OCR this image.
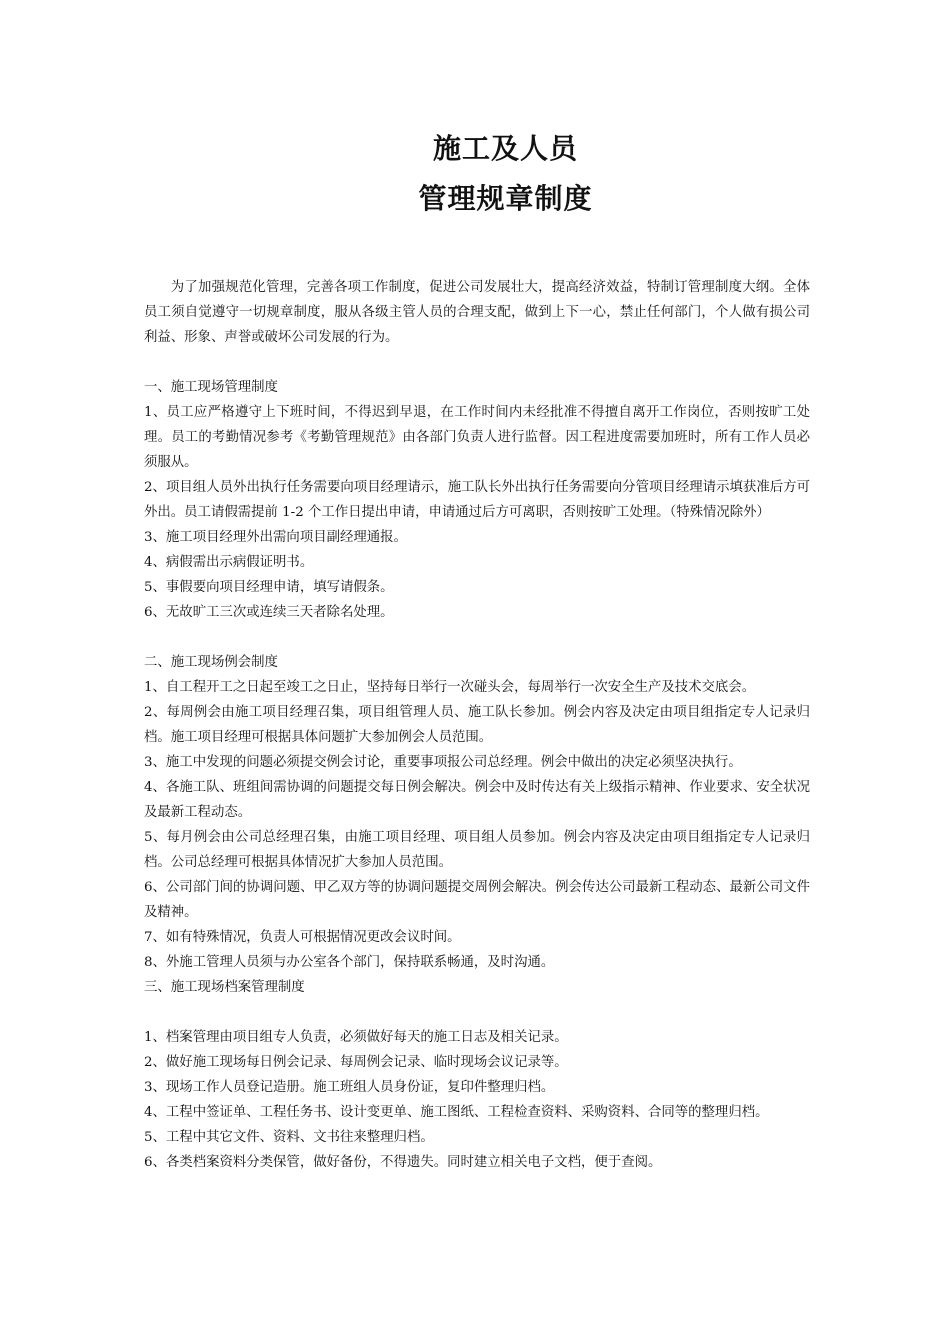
施工及人员
管理规章制度

为了加强规范化管理，完善各项工作制度，促进公司发展壮大，提高经济效益，特制订管理制度大纲。全体员工须自觉遵守一切规章制度，服从各级主管人员的合理支配，做到上下一心，禁止任何部门，个人做有损公司利益、形象、声誉或破坏公司发展的行为。

一、施工现场管理制度

1、员工应严格遵守上下班时间，不得迟到早退，在工作时间内未经批准不得擅自离开工作岗位，否则按旷工处理。员工的考勤情况参考《考勤管理规范》由各部门负责人进行监督。因工程进度需要加班时，所有工作人员必须服从。

2、项目组人员外出执行任务需要向项目经理请示，施工队长外出执行任务需要向分管项目经理请示填获准后方可外出。员工请假需提前 1-2 个工作日提出申请，申请通过后方可离职，否则按旷工处理。（特殊情况除外）

3、施工项目经理外出需向项目副经理通报。

4、病假需出示病假证明书。

5、事假要向项目经理申请，填写请假条。

6、无故旷工三次或连续三天者除名处理。

二、施工现场例会制度

1、自工程开工之日起至竣工之日止，坚持每日举行一次碰头会，每周举行一次安全生产及技术交底会。

2、每周例会由施工项目经理召集，项目组管理人员、施工队长参加。例会内容及决定由项目组指定专人记录归档。施工项目经理可根据具体问题扩大参加例会人员范围。

3、施工中发现的问题必须提交例会讨论，重要事项报公司总经理。例会中做出的决定必须坚决执行。

4、各施工队、班组间需协调的问题提交每日例会解决。例会中及时传达有关上级指示精神、作业要求、安全状况及最新工程动态。

5、每月例会由公司总经理召集，由施工项目经理、项目组人员参加。例会内容及决定由项目组指定专人记录归档。公司总经理可根据具体情况扩大参加人员范围。

6、公司部门间的协调问题、甲乙双方等的协调问题提交周例会解决。例会传达公司最新工程动态、最新公司文件及精神。

7、如有特殊情况，负责人可根据情况更改会议时间。

8、外施工管理人员须与办公室各个部门，保持联系畅通，及时沟通。

三、施工现场档案管理制度

1、档案管理由项目组专人负责，必须做好每天的施工日志及相关记录。

2、做好施工现场每日例会记录、每周例会记录、临时现场会议记录等。

3、现场工作人员登记造册。施工班组人员身份证，复印件整理归档。

4、工程中签证单、工程任务书、设计变更单、施工图纸、工程检查资料、采购资料、合同等的整理归档。

5、工程中其它文件、资料、文书往来整理归档。

6、各类档案资料分类保管，做好备份，不得遗失。同时建立相关电子文档，便于查阅。
